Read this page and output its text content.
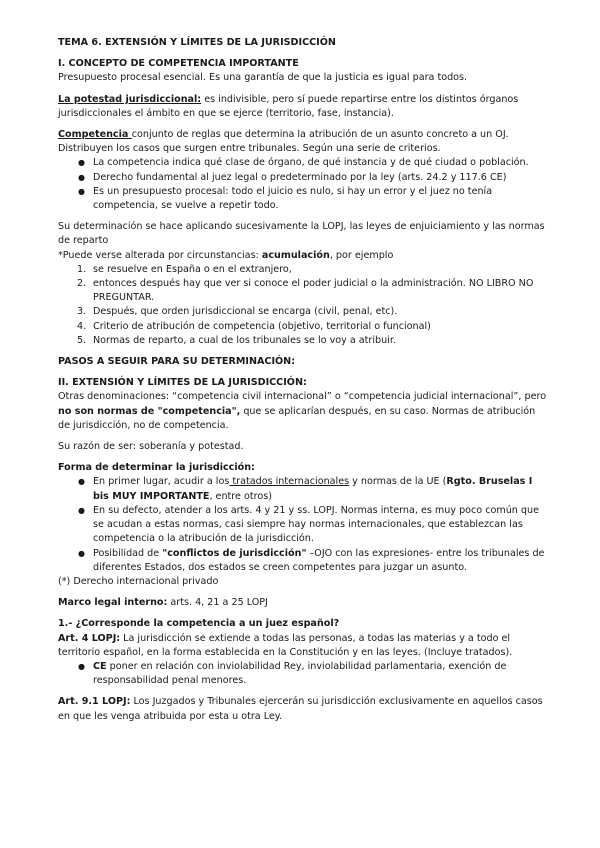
TEMA 6. EXTENSIÓN Y LÍMITES DE LA JURISDICCIÓN

I. CONCEPTO DE COMPETENCIA IMPORTANTE

Presupuesto procesal esencial. Es una garantía de que la justicia es igual para todos.

La potestad jurisdiccional: es indivisible, pero sí puede repartirse entre los distintos órganos jurisdiccionales el ámbito en que se ejerce (territorio, fase, instancia).

Competencia conjunto de reglas que determina la atribución de un asunto concreto a un OJ. Distribuyen los casos que surgen entre tribunales. Según una serie de criterios.

● La competencia indica qué clase de órgano, de qué instancia y de qué ciudad o población.
● Derecho fundamental al juez legal o predeterminado por la ley (arts. 24.2 y 117.6 CE)
● Es un presupuesto procesal: todo el juicio es nulo, si hay un error y el juez no tenía competencia, se vuelve a repetir todo.

Su determinación se hace aplicando sucesivamente la LOPJ, las leyes de enjuiciamiento y las normas de reparto

*Puede verse alterada por circunstancias: acumulación, por ejemplo

1. se resuelve en España o en el extranjero,
2. entonces después hay que ver si conoce el poder judicial o la administración. NO LIBRO NO PREGUNTAR.
3. Después, que orden jurisdiccional se encarga (civil, penal, etc).
4. Criterio de atribución de competencia (objetivo, territorial o funcional)
5. Normas de reparto, a cual de los tribunales se lo voy a atribuir.

PASOS A SEGUIR PARA SU DETERMINACIÓN:

II. EXTENSIÓN Y LÍMITES DE LA JURISDICCIÓN:

Otras denominaciones: “competencia civil internacional” o “competencia judicial internacional”, pero no son normas de "competencia", que se aplicarían después, en su caso. Normas de atribución de jurisdicción, no de competencia.

Su razón de ser: soberanía y potestad.

Forma de determinar la jurisdicción:

● En primer lugar, acudir a los tratados internacionales y normas de la UE (Rgto. Bruselas I bis MUY IMPORTANTE, entre otros)
● En su defecto, atender a los arts. 4 y 21 y ss. LOPJ. Normas interna, es muy poco común que se acudan a estas normas, casi siempre hay normas internacionales, que establezcan las competencia o la atribución de la jurisdicción.
● Posibilidad de "conflictos de jurisdicción" –OJO con las expresiones- entre los tribunales de diferentes Estados, dos estados se creen competentes para juzgar un asunto.

(*) Derecho internacional privado

Marco legal interno: arts. 4, 21 a 25 LOPJ

1.- ¿Corresponde la competencia a un juez español?

Art. 4 LOPJ: La jurisdicción se extiende a todas las personas, a todas las materias y a todo el territorio español, en la forma establecida en la Constitución y en las leyes. (Incluye tratados).

● CE poner en relación con inviolabilidad Rey, inviolabilidad parlamentaria, exención de responsabilidad penal menores.

Art. 9.1 LOPJ: Los Juzgados y Tribunales ejercerán su jurisdicción exclusivamente en aquellos casos en que les venga atribuida por esta u otra Ley.
